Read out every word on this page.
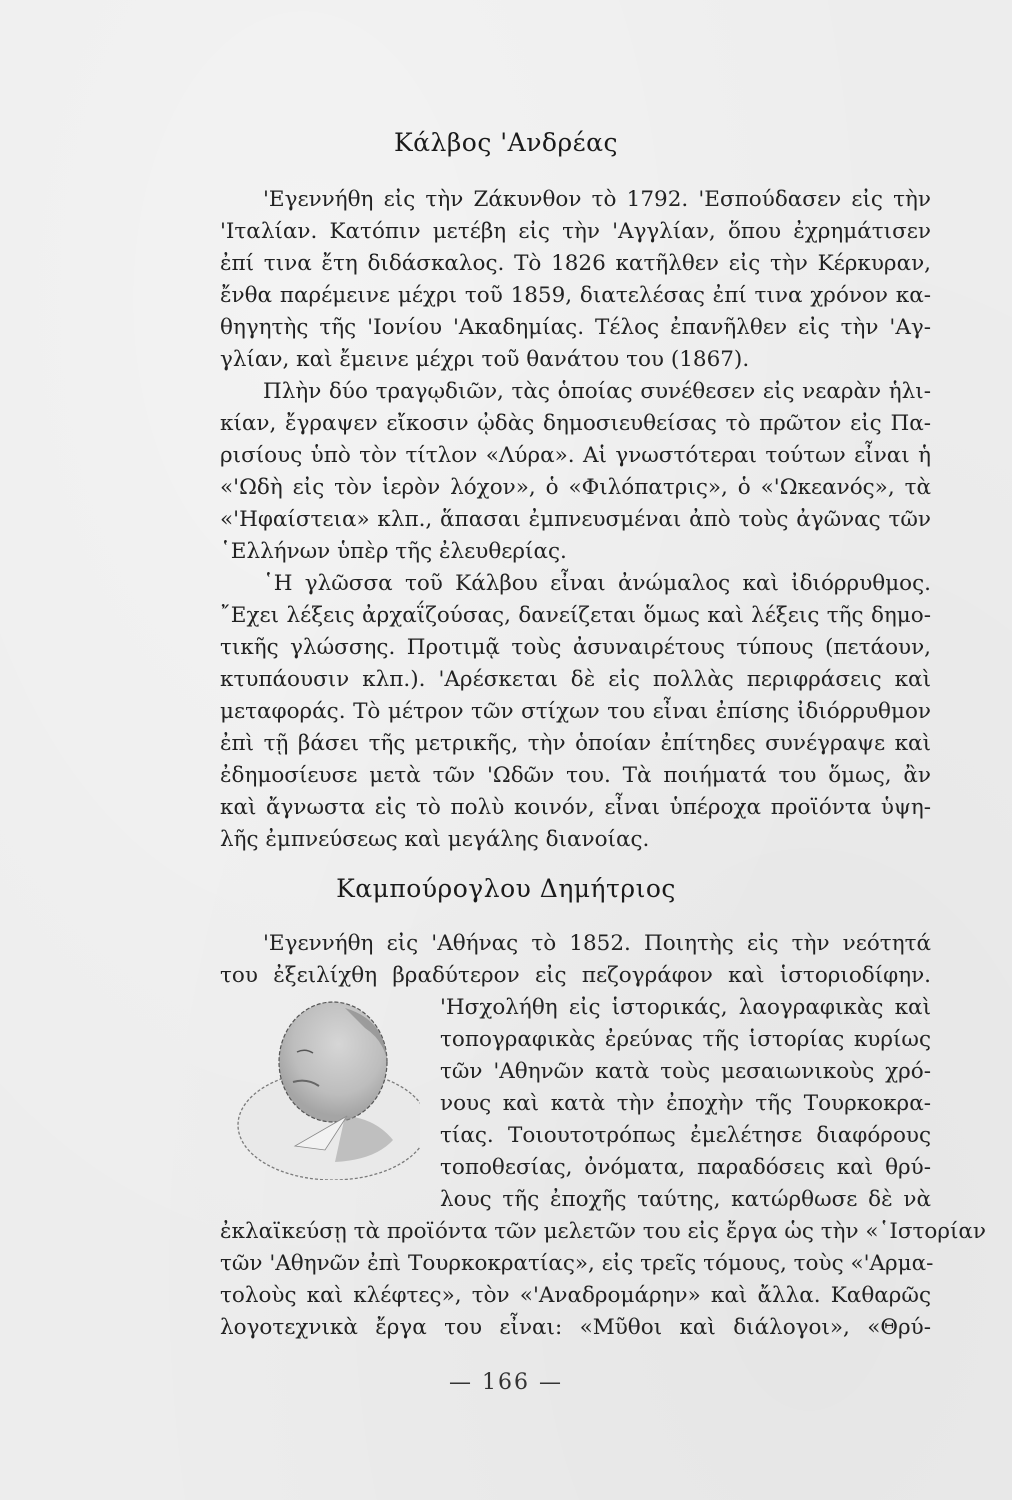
Κάλβος 'Ανδρέας
'Εγεννήθη εἰς τὴν Ζάκυνθον τὸ 1792. 'Εσπούδασεν εἰς τὴν
'Ιταλίαν. Κατόπιν μετέβη εἰς τὴν 'Αγγλίαν, ὅπου ἐχρημάτισεν
ἐπί τινα ἔτη διδάσκαλος. Τὸ 1826 κατῆλθεν εἰς τὴν Κέρκυραν,
ἔνθα παρέμεινε μέχρι τοῦ 1859, διατελέσας ἐπί τινα χρόνον κα-
θηγητὴς τῆς 'Ιονίου 'Ακαδημίας. Τέλος ἐπανῆλθεν εἰς τὴν 'Αγ-
γλίαν, καὶ ἔμεινε μέχρι τοῦ θανάτου του (1867).
Πλὴν δύο τραγῳδιῶν, τὰς ὁποίας συνέθεσεν εἰς νεαρὰν ἡλι-
κίαν, ἔγραψεν εἴκοσιν ᾠδὰς δημοσιευθείσας τὸ πρῶτον εἰς Πα-
ρισίους ὑπὸ τὸν τίτλον «Λύρα». Αἱ γνωστότεραι τούτων εἶναι ἡ
«'Ωδὴ εἰς τὸν ἱερὸν λόχον», ὁ «Φιλόπατρις», ὁ «'Ωκεανός», τὰ
«'Ηφαίστεια» κλπ., ἅπασαι ἐμπνευσμέναι ἀπὸ τοὺς ἀγῶνας τῶν
῾Ελλήνων ὑπὲρ τῆς ἐλευθερίας.
῾Η γλῶσσα τοῦ Κάλβου εἶναι ἀνώμαλος καὶ ἰδιόρρυθμος.
῎Εχει λέξεις ἀρχαΐζούσας, δανείζεται ὅμως καὶ λέξεις τῆς δημο-
τικῆς γλώσσης. Προτιμᾷ τοὺς ἀσυναιρέτους τύπους (πετάουν,
κτυπάουσιν κλπ.). 'Αρέσκεται δὲ εἰς πολλὰς περιφράσεις καὶ
μεταφοράς. Τὸ μέτρον τῶν στίχων του εἶναι ἐπίσης ἰδιόρρυθμον
ἐπὶ τῇ βάσει τῆς μετρικῆς, τὴν ὁποίαν ἐπίτηδες συνέγραψε καὶ
ἐδημοσίευσε μετὰ τῶν 'Ωδῶν του. Τὰ ποιήματά του ὅμως, ἂν
καὶ ἄγνωστα εἰς τὸ πολὺ κοινόν, εἶναι ὑπέροχα προϊόντα ὑψη-
λῆς ἐμπνεύσεως καὶ μεγάλης διανοίας.
Καμπούρογλου Δημήτριος
'Εγεννήθη εἰς 'Αθήνας τὸ 1852. Ποιητὴς εἰς τὴν νεότητά
του ἐξειλίχθη βραδύτερον εἰς πεζογράφον καὶ ἱστοριοδίφην.
'Ησχολήθη εἰς ἱστορικάς, λαογραφικὰς καὶ
τοπογραφικὰς ἐρεύνας τῆς ἱστορίας κυρίως
τῶν 'Αθηνῶν κατὰ τοὺς μεσαιωνικοὺς χρό-
νους καὶ κατὰ τὴν ἐποχὴν τῆς Τουρκοκρα-
τίας. Τοιουτοτρόπως ἐμελέτησε διαφόρους
τοποθεσίας, ὀνόματα, παραδόσεις καὶ θρύ-
λους τῆς ἐποχῆς ταύτης, κατώρθωσε δὲ νὰ
ἐκλαϊκεύσῃ τὰ προϊόντα τῶν μελετῶν του εἰς ἔργα ὡς τὴν «῾Ιστορίαν
τῶν 'Αθηνῶν ἐπὶ Τουρκοκρατίας», εἰς τρεῖς τόμους, τοὺς «'Αρμα-
τολοὺς καὶ κλέφτες», τὸν «'Αναδρομάρην» καὶ ἄλλα. Καθαρῶς
λογοτεχνικὰ ἔργα του εἶναι: «Μῦθοι καὶ διάλογοι», «Θρύ-
— 166 —
